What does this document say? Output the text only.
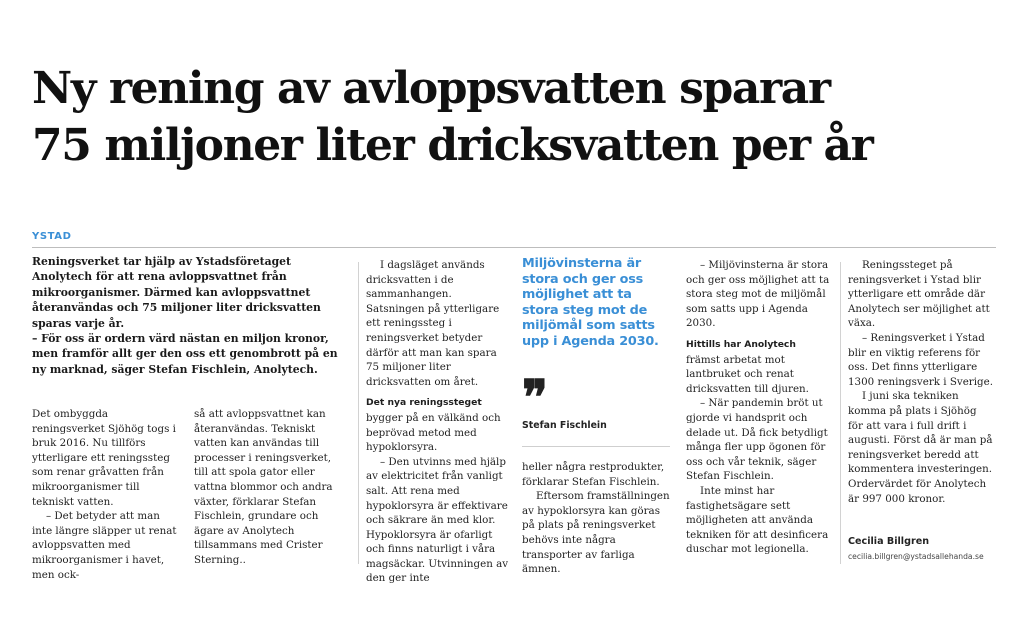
Ny rening av avloppsvatten sparar
75 miljoner liter dricksvatten per år
YSTAD

Reningsverket tar hjälp av Ystadsföretaget Anolytech för att rena avloppsvattnet från mikroorganismer. Därmed kan avloppsvattnet återanvändas och 75 miljoner liter dricksvatten sparas varje år.

– För oss är ordern värd nästan en miljon kronor, men framför allt ger den oss ett genombrott på en ny marknad, säger Stefan Fischlein, Anolytech.

Det ombyggda reningsverket Sjöhög togs i bruk 2016. Nu tillförs ytterligare ett reningssteg som renar gråvatten från mikroorganismer till tekniskt vatten.

– Det betyder att man inte längre släpper ut renat avloppsvatten med mikroorganismer i havet, men ock-

så att avloppsvattnet kan återanvändas. Tekniskt vatten kan användas till processer i reningsverket, till att spola gator eller vattna blommor och andra växter, förklarar Stefan Fischlein, grundare och ägare av Anolytech tillsammans med Crister Sterning..

I dagsläget används dricksvatten i de sammanhangen. Satsningen på ytterligare ett reningssteg i reningsverket betyder därför att man kan spara 75 miljoner liter dricksvatten om året.

Det nya reningssteget bygger på en välkänd och beprövad metod med hypoklorsyra.

– Den utvinns med hjälp av elektricitet från vanligt salt. Att rena med hypoklorsyra är effektivare och säkrare än med klor. Hypoklorsyra är ofarligt och finns naturligt i våra magsäckar. Utvinningen av den ger inte

Miljövinsterna är stora och ger oss möjlighet att ta stora steg mot de miljömål som satts upp i Agenda 2030.
❞
Stefan Fischlein

heller några restprodukter, förklarar Stefan Fischlein.

Eftersom framställningen av hypoklorsyra kan göras på plats på reningsverket behövs inte några transporter av farliga ämnen.

– Miljövinsterna är stora och ger oss möjlighet att ta stora steg mot de miljömål som satts upp i Agenda 2030.

Hittills har Anolytech främst arbetat mot lantbruket och renat dricksvatten till djuren.

– När pandemin bröt ut gjorde vi handsprit och delade ut. Då fick betydligt många fler upp ögonen för oss och vår teknik, säger Stefan Fischlein.

Inte minst har fastighetsägare sett möjligheten att använda tekniken för att desinficera duschar mot legionella.

Reningssteget på reningsverket i Ystad blir ytterligare ett område där Anolytech ser möjlighet att växa.

– Reningsverket i Ystad blir en viktig referens för oss. Det finns ytterligare 1300 reningsverk i Sverige.

I juni ska tekniken komma på plats i Sjöhög för att vara i full drift i augusti. Först då är man på reningsverket beredd att kommentera investeringen. Ordervärdet för Anolytech är 997 000 kronor.

Cecilia Billgren
cecilia.billgren@ystadsallehanda.se
